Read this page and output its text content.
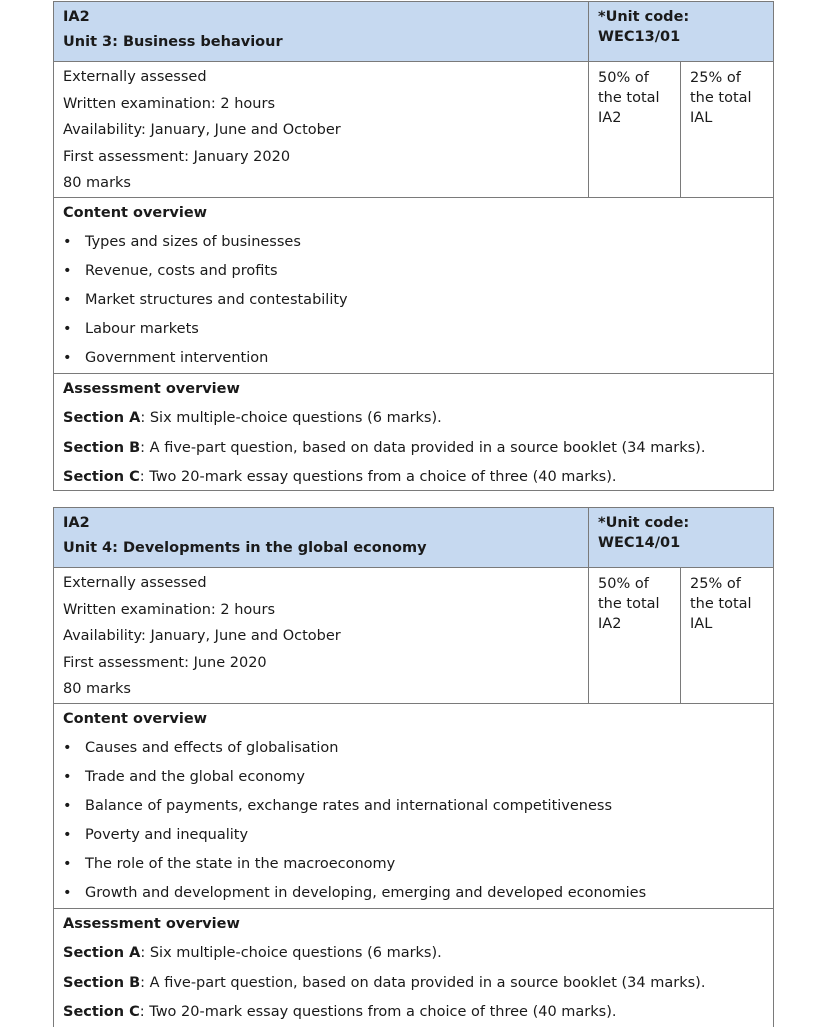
IA2
Unit 3: Business behaviour
*Unit code:
WEC13/01
Externally assessed
Written examination: 2 hours
Availability: January, June and October
First assessment: January 2020
80 marks
50% of
the total
IA2
25% of
the total
IAL
Content overview
• Types and sizes of businesses
• Revenue, costs and profits
• Market structures and contestability
• Labour markets
• Government intervention
Assessment overview
Section A: Six multiple-choice questions (6 marks).
Section B: A five-part question, based on data provided in a source booklet (34 marks).
Section C: Two 20-mark essay questions from a choice of three (40 marks).
IA2
Unit 4: Developments in the global economy
*Unit code:
WEC14/01
Externally assessed
Written examination: 2 hours
Availability: January, June and October
First assessment: June 2020
80 marks
50% of
the total
IA2
25% of
the total
IAL
Content overview
• Causes and effects of globalisation
• Trade and the global economy
• Balance of payments, exchange rates and international competitiveness
• Poverty and inequality
• The role of the state in the macroeconomy
• Growth and development in developing, emerging and developed economies
Assessment overview
Section A: Six multiple-choice questions (6 marks).
Section B: A five-part question, based on data provided in a source booklet (34 marks).
Section C: Two 20-mark essay questions from a choice of three (40 marks).
